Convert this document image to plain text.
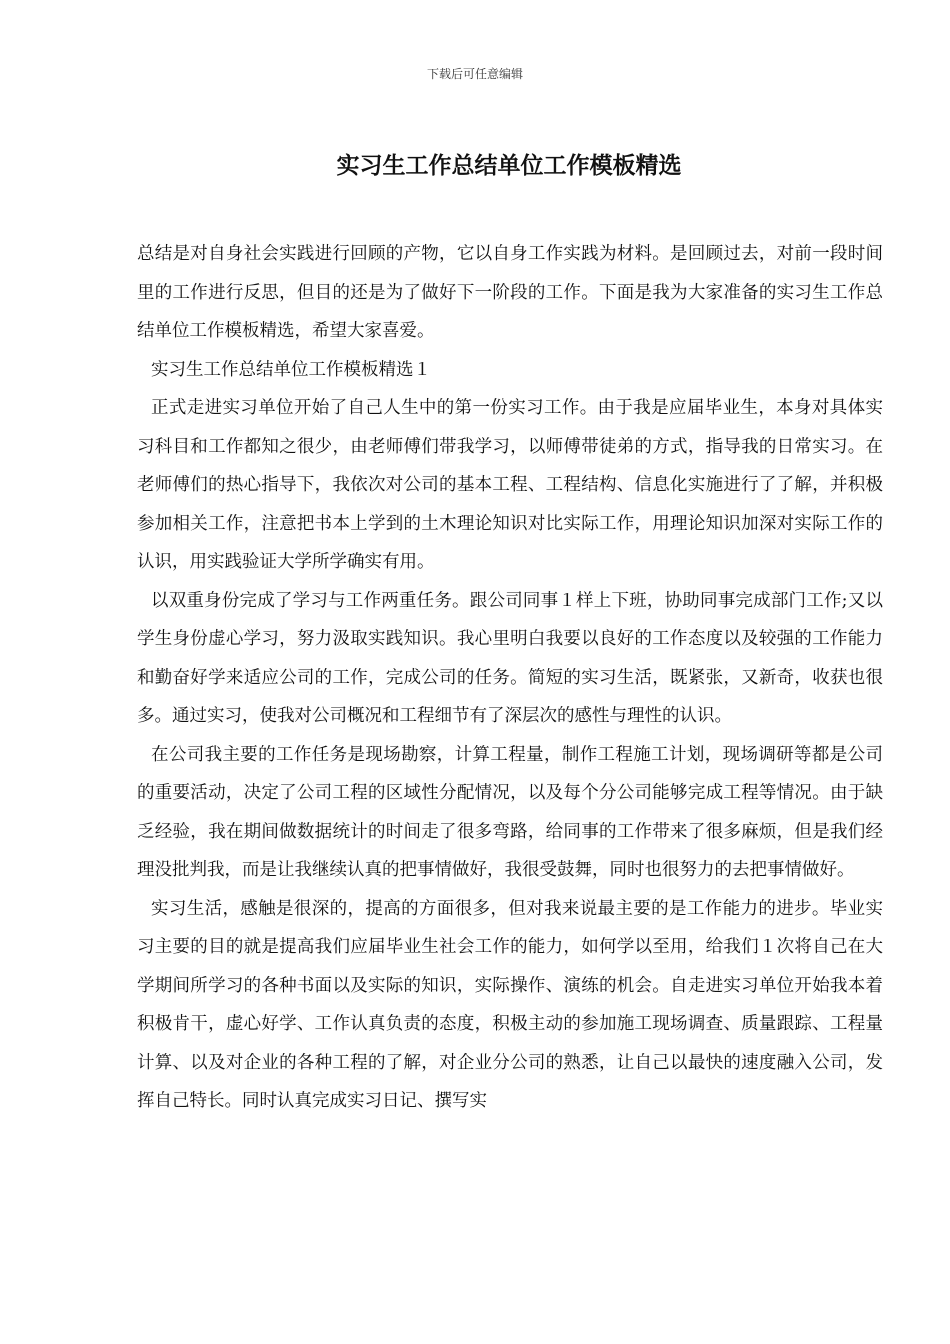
下载后可任意编辑
实习生工作总结单位工作模板精选

总结是对自身社会实践进行回顾的产物，它以自身工作实践为材料。是回顾过去，对前一段时间里的工作进行反思，但目的还是为了做好下一阶段的工作。下面是我为大家准备的实习生工作总结单位工作模板精选，希望大家喜爱。

实习生工作总结单位工作模板精选１

正式走进实习单位开始了自己人生中的第一份实习工作。由于我是应届毕业生，本身对具体实习科目和工作都知之很少，由老师傅们带我学习，以师傅带徒弟的方式，指导我的日常实习。在老师傅们的热心指导下，我依次对公司的基本工程、工程结构、信息化实施进行了了解，并积极参加相关工作，注意把书本上学到的土木理论知识对比实际工作，用理论知识加深对实际工作的认识，用实践验证大学所学确实有用。

以双重身份完成了学习与工作两重任务。跟公司同事１样上下班，协助同事完成部门工作;又以学生身份虚心学习，努力汲取实践知识。我心里明白我要以良好的工作态度以及较强的工作能力和勤奋好学来适应公司的工作，完成公司的任务。简短的实习生活，既紧张，又新奇，收获也很多。通过实习，使我对公司概况和工程细节有了深层次的感性与理性的认识。

在公司我主要的工作任务是现场勘察，计算工程量，制作工程施工计划，现场调研等都是公司的重要活动，决定了公司工程的区域性分配情况，以及每个分公司能够完成工程等情况。由于缺乏经验，我在期间做数据统计的时间走了很多弯路，给同事的工作带来了很多麻烦，但是我们经理没批判我，而是让我继续认真的把事情做好，我很受鼓舞，同时也很努力的去把事情做好。

实习生活，感触是很深的，提高的方面很多，但对我来说最主要的是工作能力的进步。毕业实习主要的目的就是提高我们应届毕业生社会工作的能力，如何学以至用，给我们１次将自己在大学期间所学习的各种书面以及实际的知识，实际操作、演练的机会。自走进实习单位开始我本着积极肯干，虚心好学、工作认真负责的态度，积极主动的参加施工现场调查、质量跟踪、工程量计算、以及对企业的各种工程的了解，对企业分公司的熟悉，让自己以最快的速度融入公司，发挥自己特长。同时认真完成实习日记、撰写实
